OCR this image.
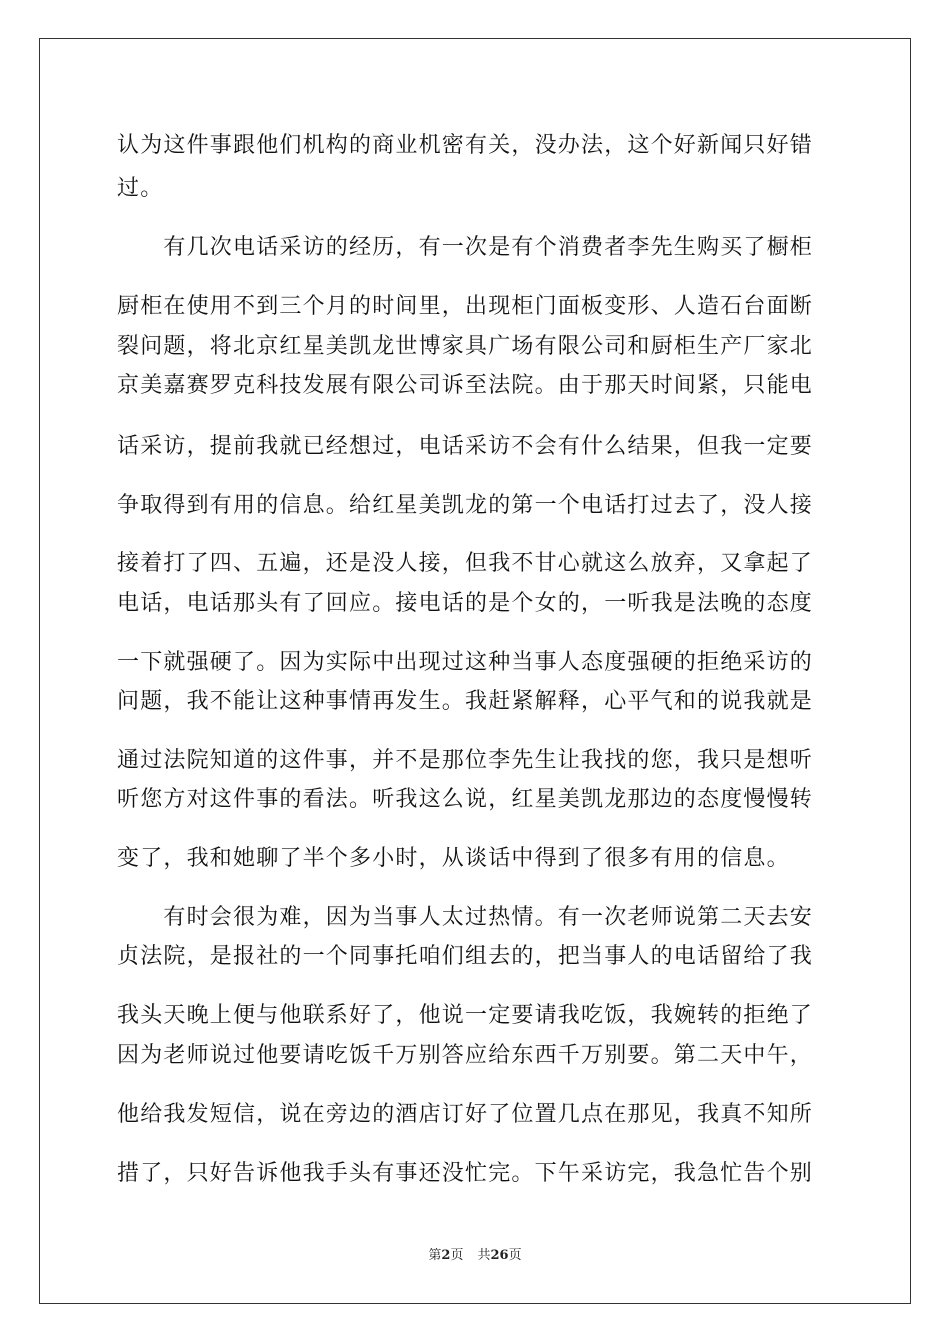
认为这件事跟他们机构的商业机密有关，没办法，这个好新闻只好错
过。
　　有几次电话采访的经历，有一次是有个消费者李先生购买了橱柜
厨柜在使用不到三个月的时间里，出现柜门面板变形、人造石台面断
裂问题，将北京红星美凯龙世博家具广场有限公司和厨柜生产厂家北
京美嘉赛罗克科技发展有限公司诉至法院。由于那天时间紧，只能电
话采访，提前我就已经想过，电话采访不会有什么结果，但我一定要
争取得到有用的信息。给红星美凯龙的第一个电话打过去了，没人接
接着打了四、五遍，还是没人接，但我不甘心就这么放弃，又拿起了
电话，电话那头有了回应。接电话的是个女的，一听我是法晚的态度
一下就强硬了。因为实际中出现过这种当事人态度强硬的拒绝采访的
问题，我不能让这种事情再发生。我赶紧解释，心平气和的说我就是
通过法院知道的这件事，并不是那位李先生让我找的您，我只是想听
听您方对这件事的看法。听我这么说，红星美凯龙那边的态度慢慢转
变了，我和她聊了半个多小时，从谈话中得到了很多有用的信息。
　　有时会很为难，因为当事人太过热情。有一次老师说第二天去安
贞法院，是报社的一个同事托咱们组去的，把当事人的电话留给了我
我头天晚上便与他联系好了，他说一定要请我吃饭，我婉转的拒绝了
因为老师说过他要请吃饭千万别答应给东西千万别要。第二天中午，
他给我发短信，说在旁边的酒店订好了位置几点在那见，我真不知所
措了，只好告诉他我手头有事还没忙完。下午采访完，我急忙告个别
第2页 共26页
